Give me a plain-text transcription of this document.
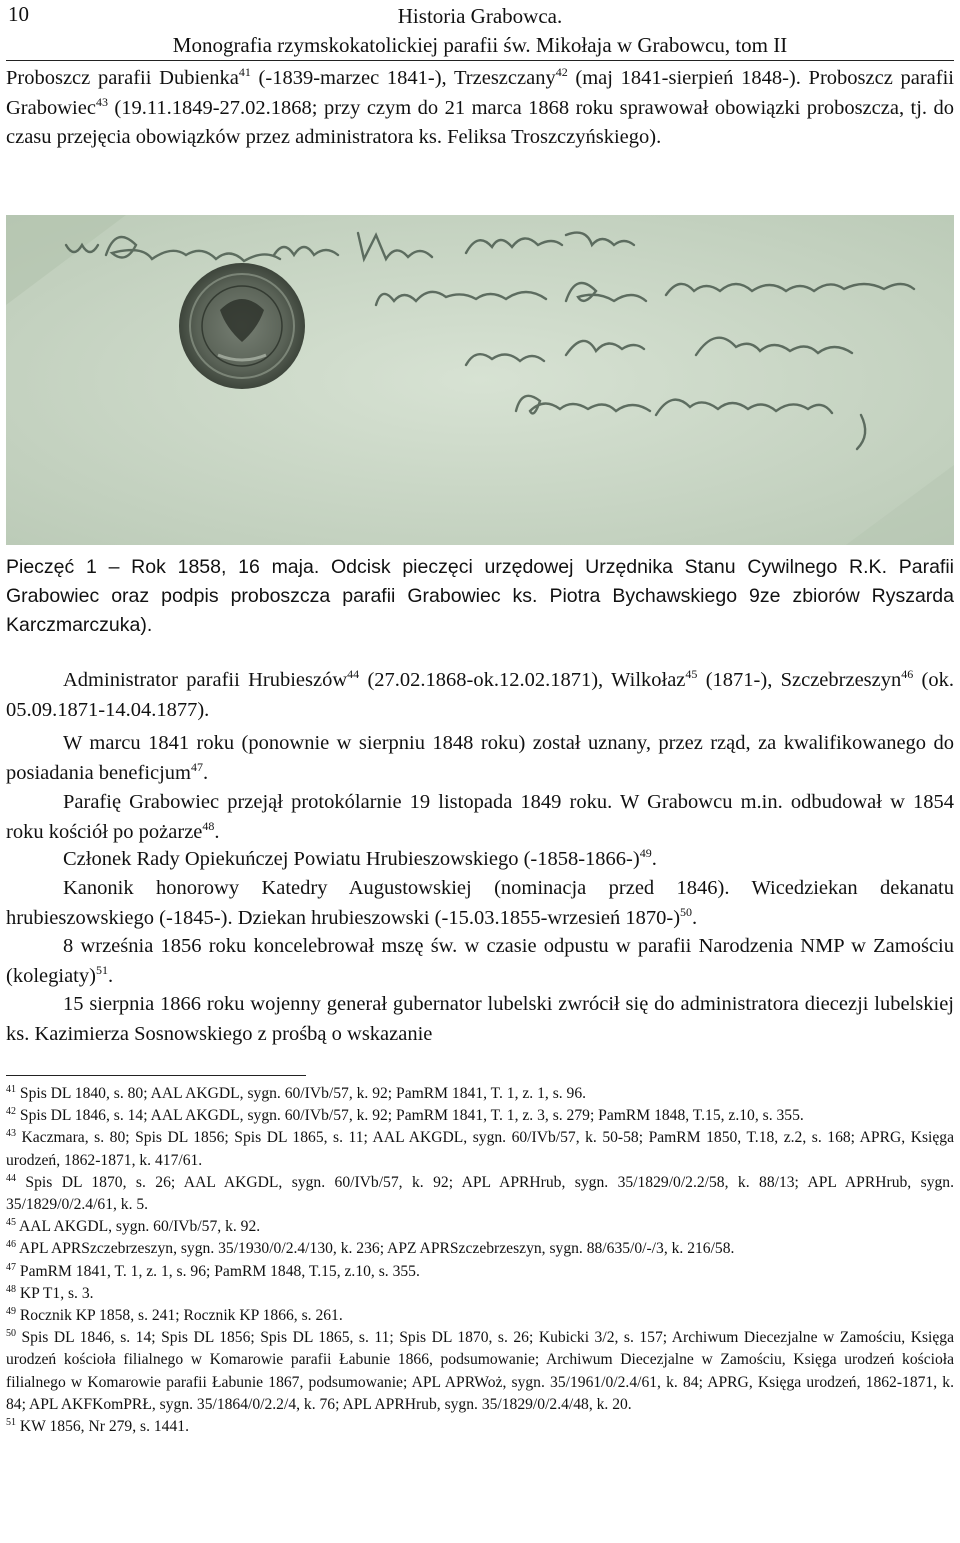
10	Historia Grabowca.
Monografia rzymskokatolickiej parafii św. Mikołaja w Grabowcu, tom II
Proboszcz parafii Dubienka$^{41}$ (-1839-marzec 1841-), Trzeszczany$^{42}$ (maj 1841-sierpień 1848-). Proboszcz parafii Grabowiec$^{43}$ (19.11.1849-27.02.1868; przy czym do 21 marca 1868 roku sprawował obowiązki proboszcza, tj. do czasu przejęcia obowiązków przez administratora ks. Feliksa Troszczyńskiego).
Pieczęć 1 – Rok 1858, 16 maja. Odcisk pieczęci urzędowej Urzędnika Stanu Cywilnego R.K. Parafii Grabowiec oraz podpis proboszcza parafii Grabowiec ks. Piotra Bychawskiego 9ze zbiorów Ryszarda Karczmarczuka).
Administrator parafii Hrubieszów$^{44}$ (27.02.1868-ok.12.02.1871), Wilkołaz$^{45}$ (1871-), Szczebrzeszyn$^{46}$ (ok. 05.09.1871-14.04.1877).
W marcu 1841 roku (ponownie w sierpniu 1848 roku) został uznany, przez rząd, za kwalifikowanego do posiadania beneficjum$^{47}$.
Parafię Grabowiec przejął protokólarnie 19 listopada 1849 roku. W Grabowcu m.in. odbudował w 1854 roku kościół po pożarze$^{48}$.
Członek Rady Opiekuńczej Powiatu Hrubieszowskiego $(-1858-1866-)^{49}$.
Kanonik honorowy Katedry Augustowskiej (nominacja przed 1846). Wicedziekan dekanatu hrubieszowskiego (-1845-). Dziekan hrubieszowski (-15.03.1855-wrzesień 1870-)$^{50}$.
8 września 1856 roku koncelebrował mszę św. w czasie odpustu w parafii Narodzenia NMP w Zamościu (kolegiaty)$^{51}$.
15 sierpnia 1866 roku wojenny generał gubernator lubelski zwrócił się do administratora diecezji lubelskiej ks. Kazimierza Sosnowskiego z prośbą o wskazanie

$^{41}$ Spis DL 1840, s. 80; AAL AKGDL, sygn. 60/IVb/57, k. 92; PamRM 1841, T. 1, z. 1, s. 96.

$^{42}$ Spis DL 1846, s. 14; AAL AKGDL, sygn. 60/IVb/57, k. 92; PamRM 1841, T. 1, z. 3, s. 279; PamRM 1848, T.15, z.10, s. 355.

$^{43}$ Kaczmara, s. 80; Spis DL 1856; Spis DL 1865, s. 11; AAL AKGDL, sygn. 60/IVb/57, k. 50-58; PamRM 1850, T.18, z.2, s. 168; APRG, Księga urodzeń, 1862-1871, k. 417/61.

$^{44}$ Spis DL 1870, s. 26; AAL AKGDL, sygn. 60/IVb/57, k. 92; APL APRHrub, sygn. 35/1829/0/2.2/58, k. 88/13; APL APRHrub, sygn. 35/1829/0/2.4/61, k. 5.

$^{45}$ AAL AKGDL, sygn. 60/IVb/57, k. 92.

$^{46}$ APL APRSzczebrzeszyn, sygn. 35/1930/0/2.4/130, k. 236; APZ APRSzczebrzeszyn, sygn. 88/635/0/-/3, k. 216/58.

$^{47}$ PamRM 1841, T. 1, z. 1, s. 96; PamRM 1848, T.15, z.10, s. 355.

$^{48}$ KP T1, s. 3.

$^{49}$ Rocznik KP 1858, s. 241; Rocznik KP 1866, s. 261.

$^{50}$ Spis DL 1846, s. 14; Spis DL 1856; Spis DL 1865, s. 11; Spis DL 1870, s. 26; Kubicki 3/2, s. 157; Archiwum Diecezjalne w Zamościu, Księga urodzeń kościoła filialnego w Komarowie parafii Łabunie 1866, podsumowanie; Archiwum Diecezjalne w Zamościu, Księga urodzeń kościoła filialnego w Komarowie parafii Łabunie 1867, podsumowanie; APL APRWoż, sygn. 35/1961/0/2.4/61, k. 84; APRG, Księga urodzeń, 1862-1871, k. 84; APL AKFKomPRŁ, sygn. 35/1864/0/2.2/4, k. 76; APL APRHrub, sygn. 35/1829/0/2.4/48, k. 20.

$^{51}$ KW 1856, Nr 279, s. 1441.
